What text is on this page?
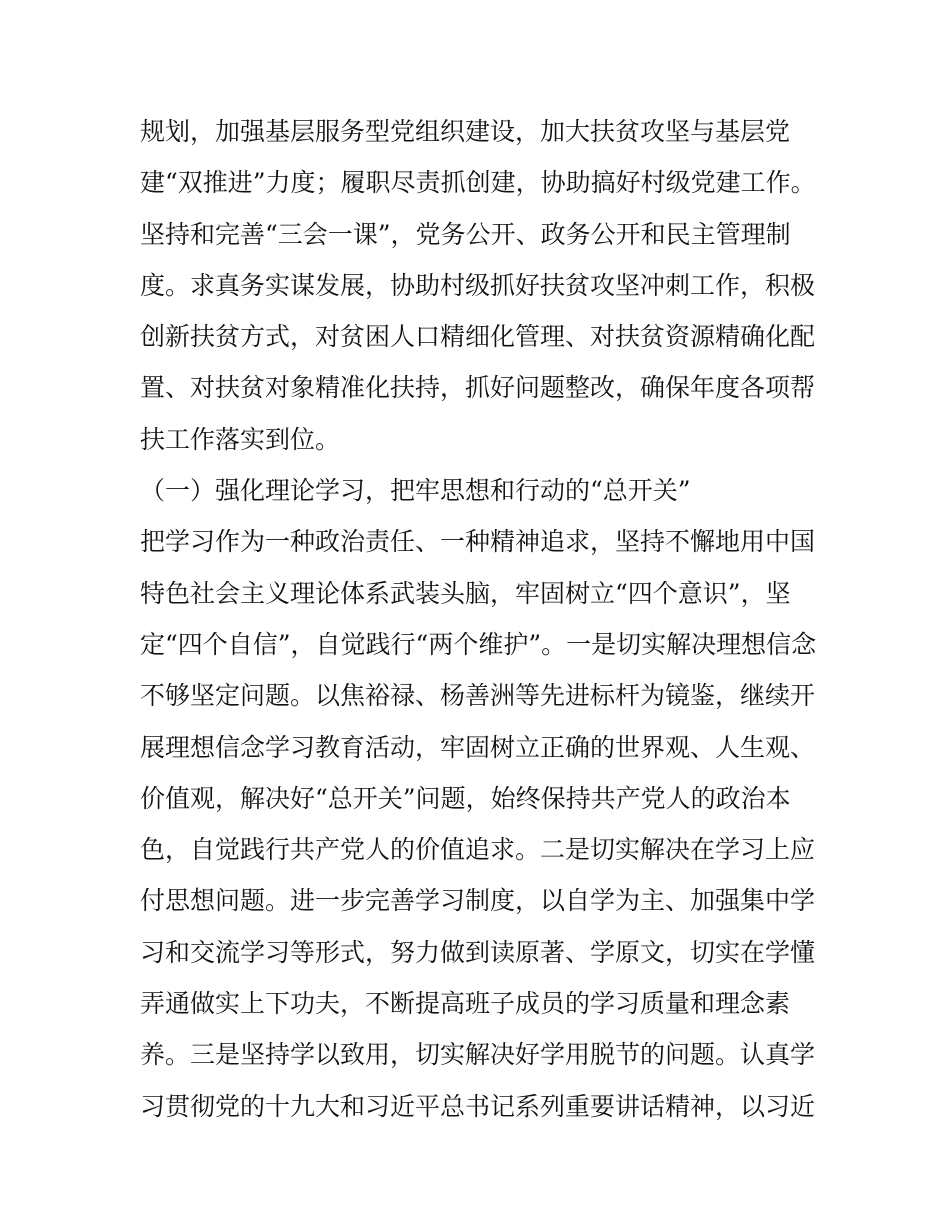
规划，加强基层服务型党组织建设，加大扶贫攻坚与基层党
建“双推进”力度；履职尽责抓创建，协助搞好村级党建工作。
坚持和完善“三会一课”，党务公开、政务公开和民主管理制
度。求真务实谋发展，协助村级抓好扶贫攻坚冲刺工作，积极
创新扶贫方式，对贫困人口精细化管理、对扶贫资源精确化配
置、对扶贫对象精准化扶持，抓好问题整改，确保年度各项帮
扶工作落实到位。
（一）强化理论学习，把牢思想和行动的“总开关”
把学习作为一种政治责任、一种精神追求，坚持不懈地用中国
特色社会主义理论体系武装头脑，牢固树立“四个意识”，坚
定“四个自信”，自觉践行“两个维护”。一是切实解决理想信念
不够坚定问题。以焦裕禄、杨善洲等先进标杆为镜鉴，继续开
展理想信念学习教育活动，牢固树立正确的世界观、人生观、
价值观，解决好“总开关”问题，始终保持共产党人的政治本
色，自觉践行共产党人的价值追求。二是切实解决在学习上应
付思想问题。进一步完善学习制度，以自学为主、加强集中学
习和交流学习等形式，努力做到读原著、学原文，切实在学懂
弄通做实上下功夫，不断提高班子成员的学习质量和理念素
养。三是坚持学以致用，切实解决好学用脱节的问题。认真学
习贯彻党的十九大和习近平总书记系列重要讲话精神，以习近
